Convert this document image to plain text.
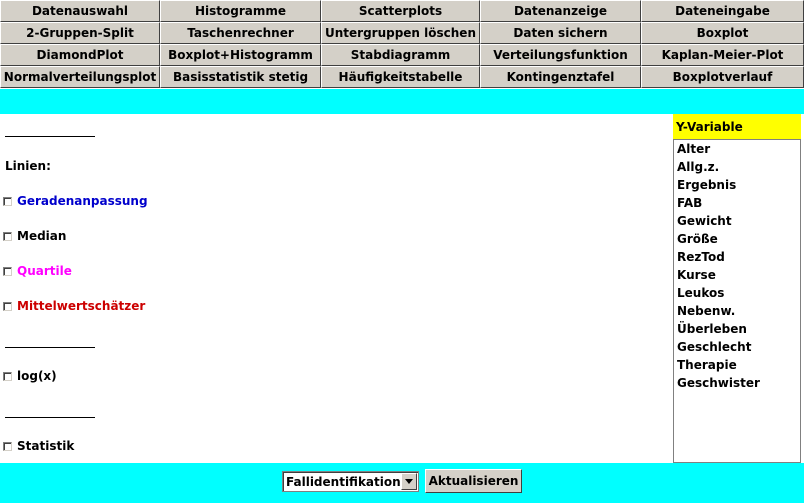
Datenauswahl	Histogramme	Scatterplots	Datenanzeige	Dateneingabe
2-Gruppen-Split	Taschenrechner	Untergruppen löschen	Daten sichern	Boxplot
DiamondPlot	Boxplot+Histogramm	Stabdiagramm	Verteilungsfunktion	Kaplan-Meier-Plot
Normalverteilungsplot	Basisstatistik stetig	Häufigkeitstabelle	Kontingenztafel	Boxplotverlauf
Linien:
Geradenanpassung
Median
Quartile
Mittelwertschätzer
log(x)
Statistik
Y-Variable
Alter
Allg.z.
Ergebnis
FAB
Gewicht
Größe
RezTod
Kurse
Leukos
Nebenw.
Überleben
Geschlecht
Therapie
Geschwister
Fallidentifikation Aktualisieren
